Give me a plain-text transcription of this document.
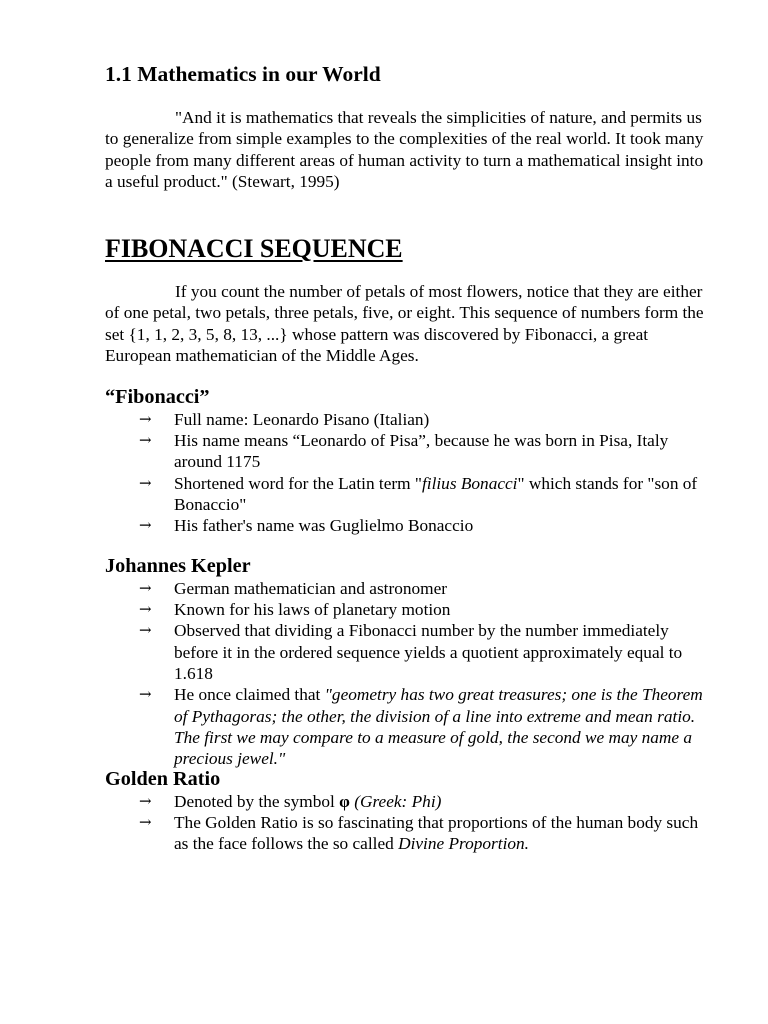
1.1 Mathematics in our World

"And it is mathematics that reveals the simplicities of nature, and permits us to generalize from simple examples to the complexities of the real world. It took many people from many different areas of human activity to turn a mathematical insight into a useful product." (Stewart, 1995)

FIBONACCI SEQUENCE

If you count the number of petals of most flowers, notice that they are either of one petal, two petals, three petals, five, or eight. This sequence of numbers form the set {1, 1, 2, 3, 5, 8, 13, ...} whose pattern was discovered by Fibonacci, a great European mathematician of the Middle Ages.

“Fibonacci”
→ Full name: Leonardo Pisano (Italian)
→ His name means “Leonardo of Pisa”, because he was born in Pisa, Italy around 1175
→ Shortened word for the Latin term "filius Bonacci" which stands for "son of Bonaccio"
→ His father's name was Guglielmo Bonaccio
Johannes Kepler
→ German mathematician and astronomer
→ Known for his laws of planetary motion
→ Observed that dividing a Fibonacci number by the number immediately before it in the ordered sequence yields a quotient approximately equal to 1.618
→ He once claimed that "geometry has two great treasures; one is the Theorem of Pythagoras; the other, the division of a line into extreme and mean ratio. The first we may compare to a measure of gold, the second we may name a precious jewel."
Golden Ratio
→ Denoted by the symbol φ (Greek: Phi)
→ The Golden Ratio is so fascinating that proportions of the human body such as the face follows the so called Divine Proportion.
